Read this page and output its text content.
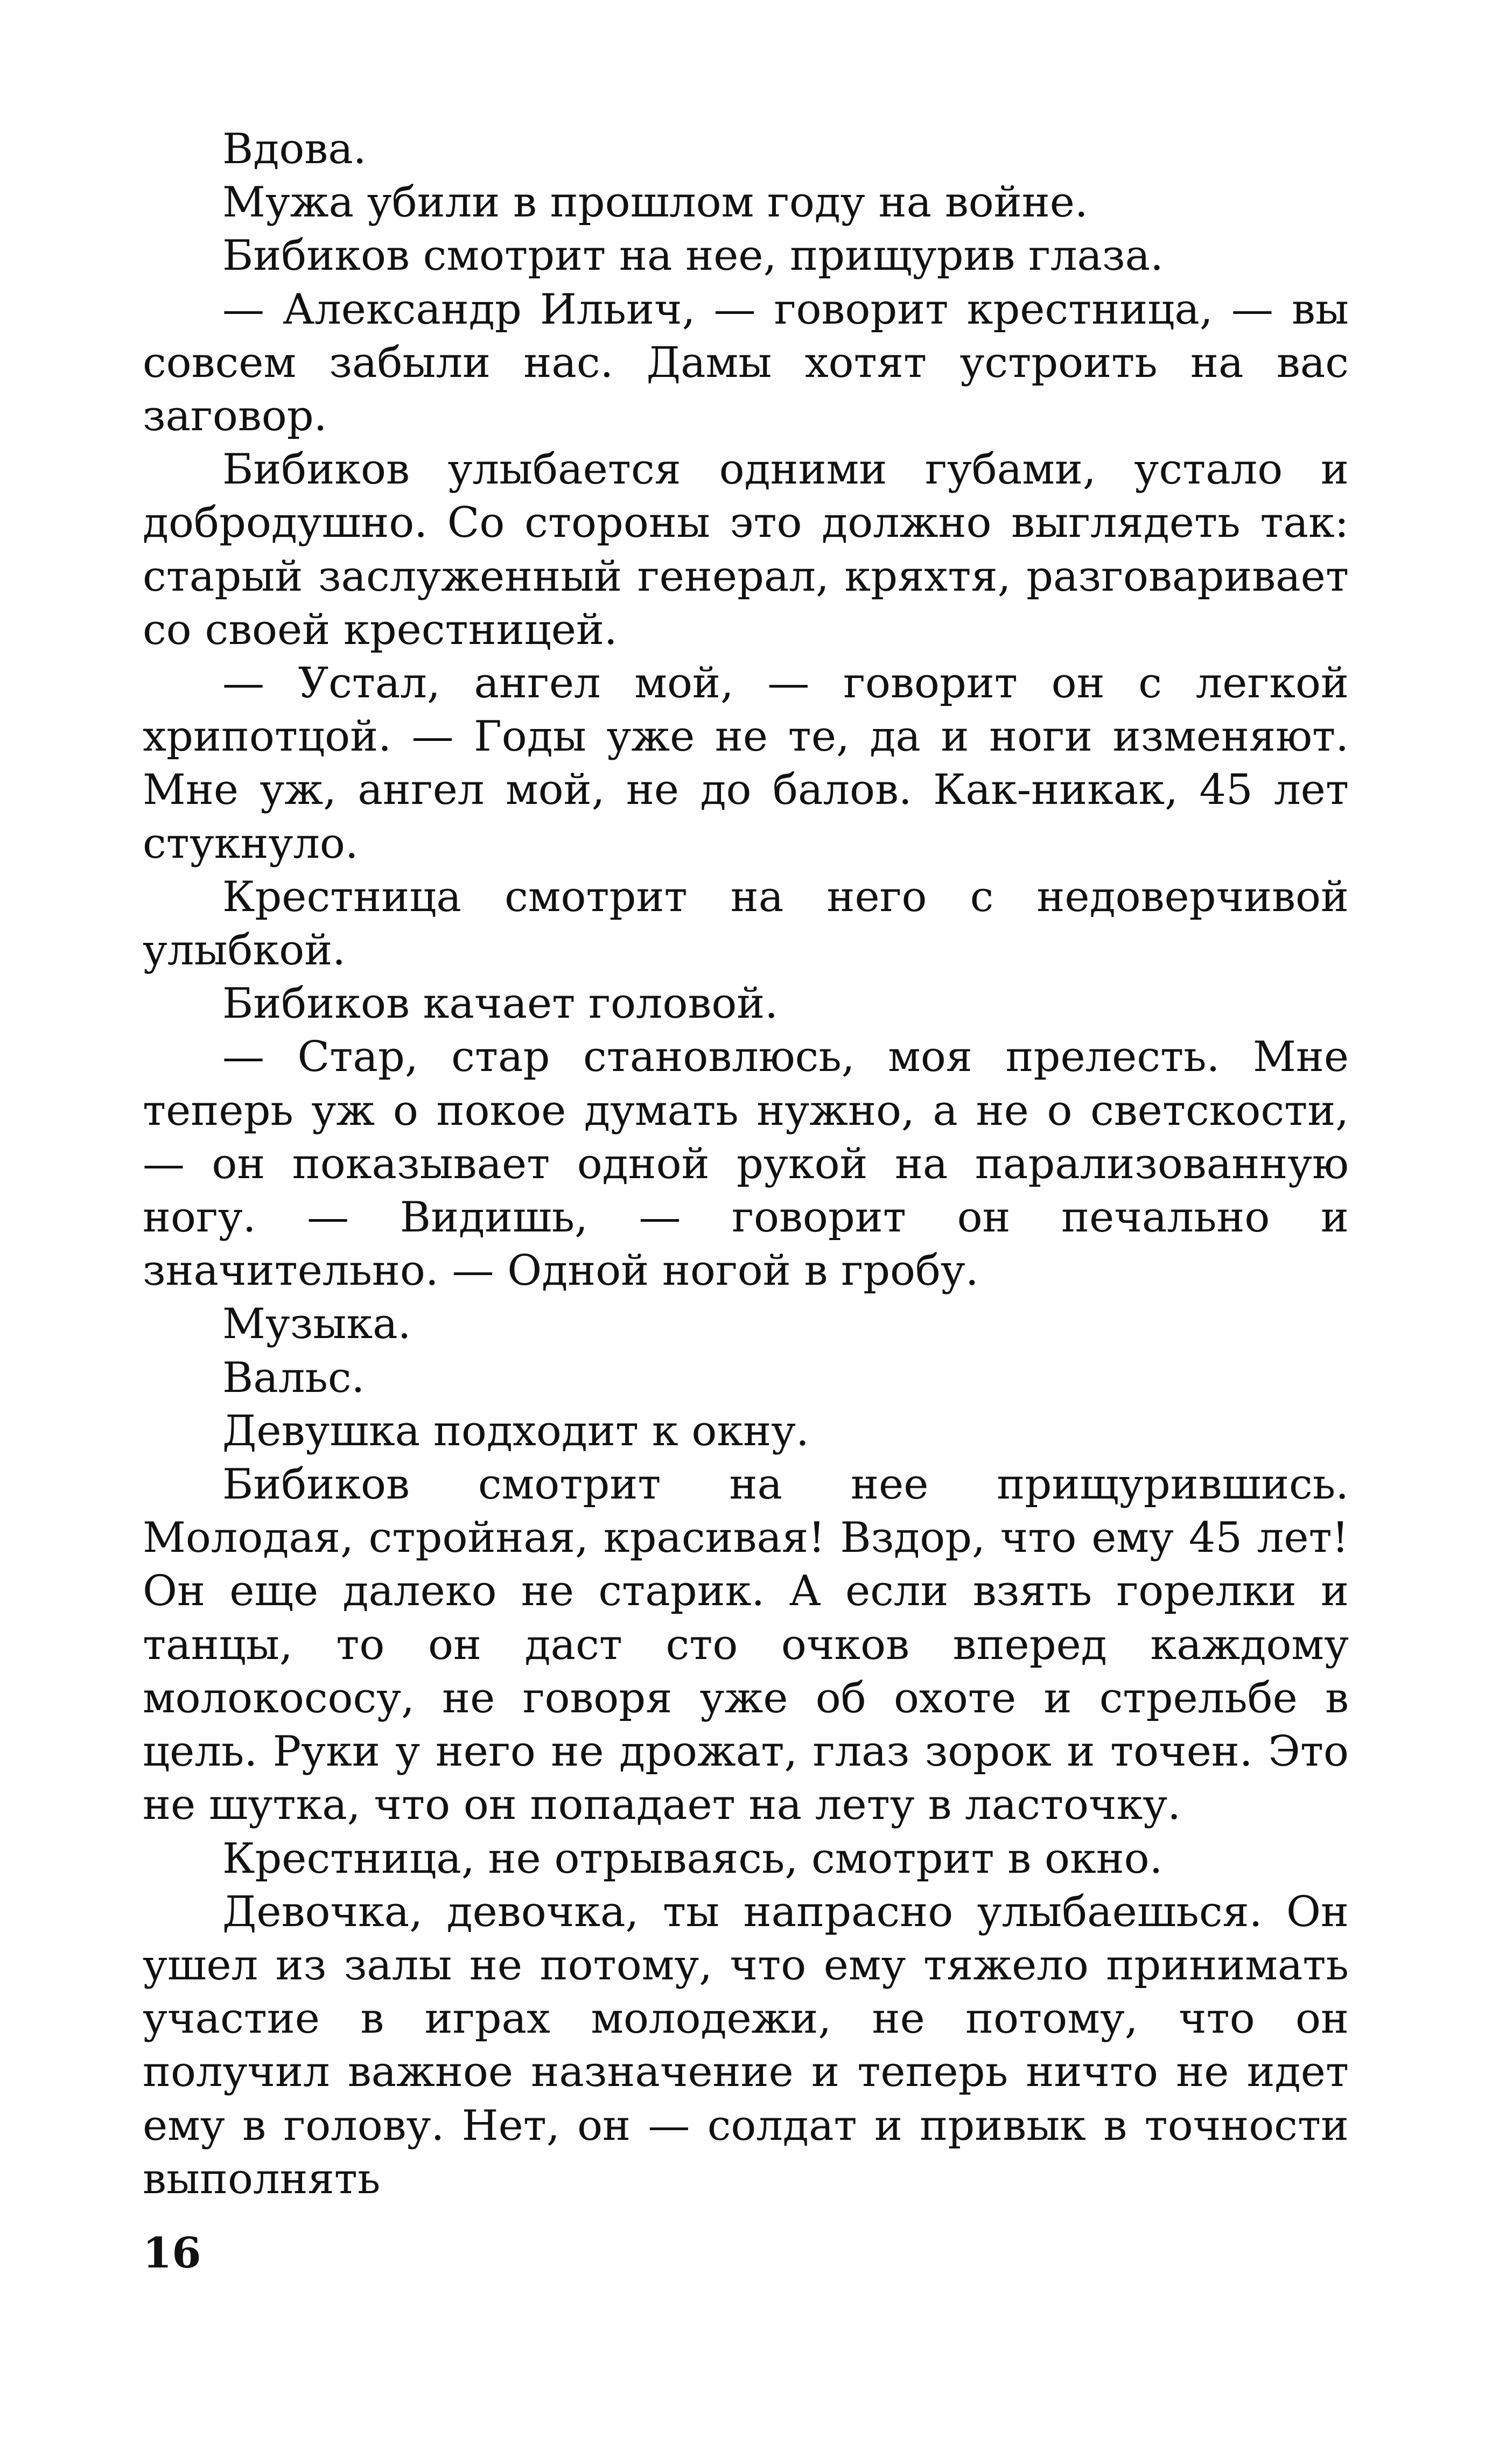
Вдова.

Мужа убили в прошлом году на войне.

Бибиков смотрит на нее, прищурив глаза.

— Александр Ильич, — говорит крестница, — вы совсем забыли нас. Дамы хотят устроить на вас заговор.

Бибиков улыбается одними губами, устало и добродушно. Со стороны это должно выглядеть так: старый заслуженный генерал, кряхтя, разговаривает со своей крестницей.

— Устал, ангел мой, — говорит он с легкой хрипотцой. — Годы уже не те, да и ноги изменяют. Мне уж, ангел мой, не до балов. Как-никак, 45 лет стукнуло.

Крестница смотрит на него с недоверчивой улыбкой.

Бибиков качает головой.

— Стар, стар становлюсь, моя прелесть. Мне теперь уж о покое думать нужно, а не о светскости, — он показывает одной рукой на парализованную ногу. — Видишь, — говорит он печально и значительно. — Одной ногой в гробу.

Музыка.

Вальс.

Девушка подходит к окну.

Бибиков смотрит на нее прищурившись. Молодая, стройная, красивая! Вздор, что ему 45 лет! Он еще далеко не старик. А если взять горелки и танцы, то он даст сто очков вперед каждому молокососу, не говоря уже об охоте и стрельбе в цель. Руки у него не дрожат, глаз зорок и точен. Это не шутка, что он попадает на лету в ласточку.

Крестница, не отрываясь, смотрит в окно.

Девочка, девочка, ты напрасно улыбаешься. Он ушел из залы не потому, что ему тяжело принимать участие в играх молодежи, не потому, что он получил важное назначение и теперь ничто не идет ему в голову. Нет, он — солдат и привык в точности выполнять

16
